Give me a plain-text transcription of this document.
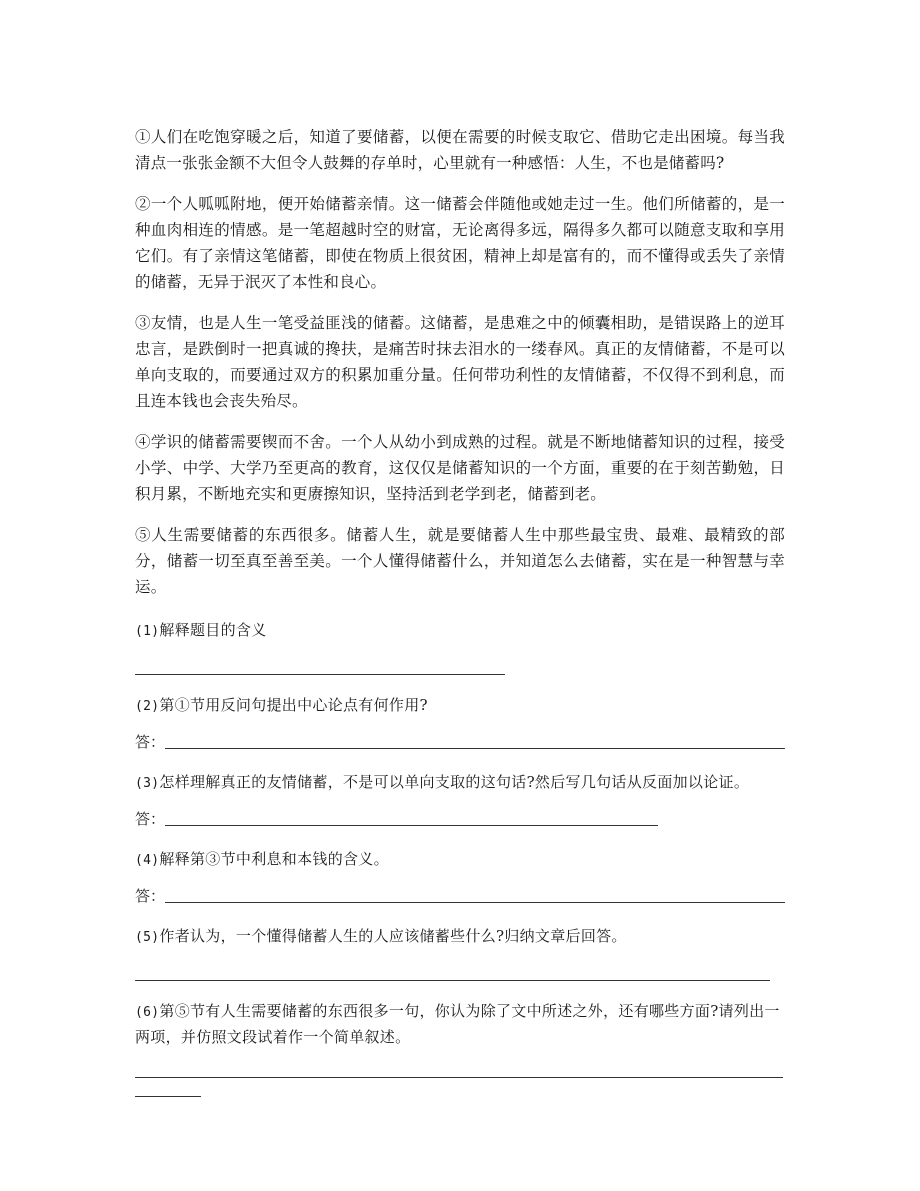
①人们在吃饱穿暖之后，知道了要储蓄，以便在需要的时候支取它、借助它走出困境。每当我清点一张张金额不大但令人鼓舞的存单时，心里就有一种感悟：人生，不也是储蓄吗?

②一个人呱呱附地，便开始储蓄亲情。这一储蓄会伴随他或她走过一生。他们所储蓄的，是一种血肉相连的情感。是一笔超越时空的财富，无论离得多远，隔得多久都可以随意支取和享用它们。有了亲情这笔储蓄，即使在物质上很贫困，精神上却是富有的，而不懂得或丢失了亲情的储蓄，无异于泯灭了本性和良心。

③友情，也是人生一笔受益匪浅的储蓄。这储蓄，是患难之中的倾囊相助，是错误路上的逆耳忠言，是跌倒时一把真诚的搀扶，是痛苦时抹去泪水的一缕春风。真正的友情储蓄，不是可以单向支取的，而要通过双方的积累加重分量。任何带功利性的友情储蓄，不仅得不到利息，而且连本钱也会丧失殆尽。

④学识的储蓄需要锲而不舍。一个人从幼小到成熟的过程。就是不断地储蓄知识的过程，接受小学、中学、大学乃至更高的教育，这仅仅是储蓄知识的一个方面，重要的在于刻苦勤勉，日积月累，不断地充实和更赓擦知识，坚持活到老学到老，储蓄到老。

⑤人生需要储蓄的东西很多。储蓄人生，就是要储蓄人生中那些最宝贵、最难、最精致的部分，储蓄一切至真至善至美。一个人懂得储蓄什么，并知道怎么去储蓄，实在是一种智慧与幸运。

(1)解释题目的含义

(2)第①节用反问句提出中心论点有何作用?

答：

(3)怎样理解真正的友情储蓄，不是可以单向支取的这句话?然后写几句话从反面加以论证。

答：

(4)解释第③节中利息和本钱的含义。

答：

(5)作者认为，一个懂得储蓄人生的人应该储蓄些什么?归纳文章后回答。

(6)第⑤节有人生需要储蓄的东西很多一句，你认为除了文中所述之外，还有哪些方面?请列出一两项，并仿照文段试着作一个简单叙述。
